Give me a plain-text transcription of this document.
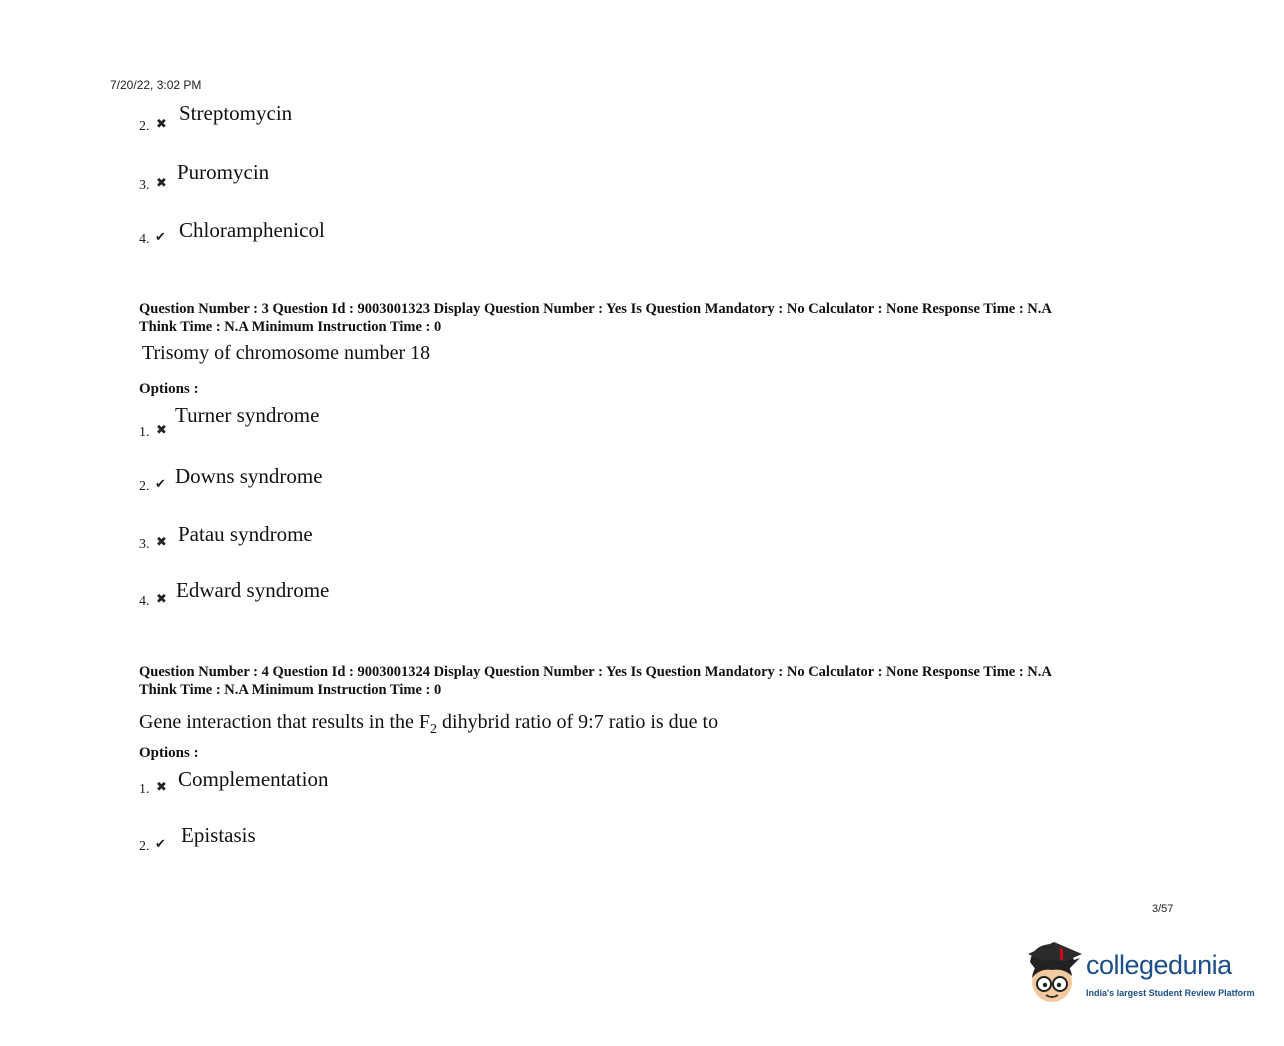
7/20/22, 3:02 PM
2. ✖ Streptomycin
3. ✖ Puromycin
4. ✔ Chloramphenicol
Question Number : 3 Question Id : 9003001323 Display Question Number : Yes Is Question Mandatory : No Calculator : None Response Time : N.A
Think Time : N.A Minimum Instruction Time : 0
Trisomy of chromosome number 18
Options :
1. ✖
Turner syndrome
2. ✔ Downs syndrome
3. ✖ Patau syndrome
4. ✖ Edward syndrome
Question Number : 4 Question Id : 9003001324 Display Question Number : Yes Is Question Mandatory : No Calculator : None Response Time : N.A
Think Time : N.A Minimum Instruction Time : 0
Gene interaction that results in the $F_2$ dihybrid ratio of 9:7 ratio is due to
Options :
1. ✖ Complementation
2. ✔ Epistasis
3/57
collegedunia
India's largest Student Review Platform
